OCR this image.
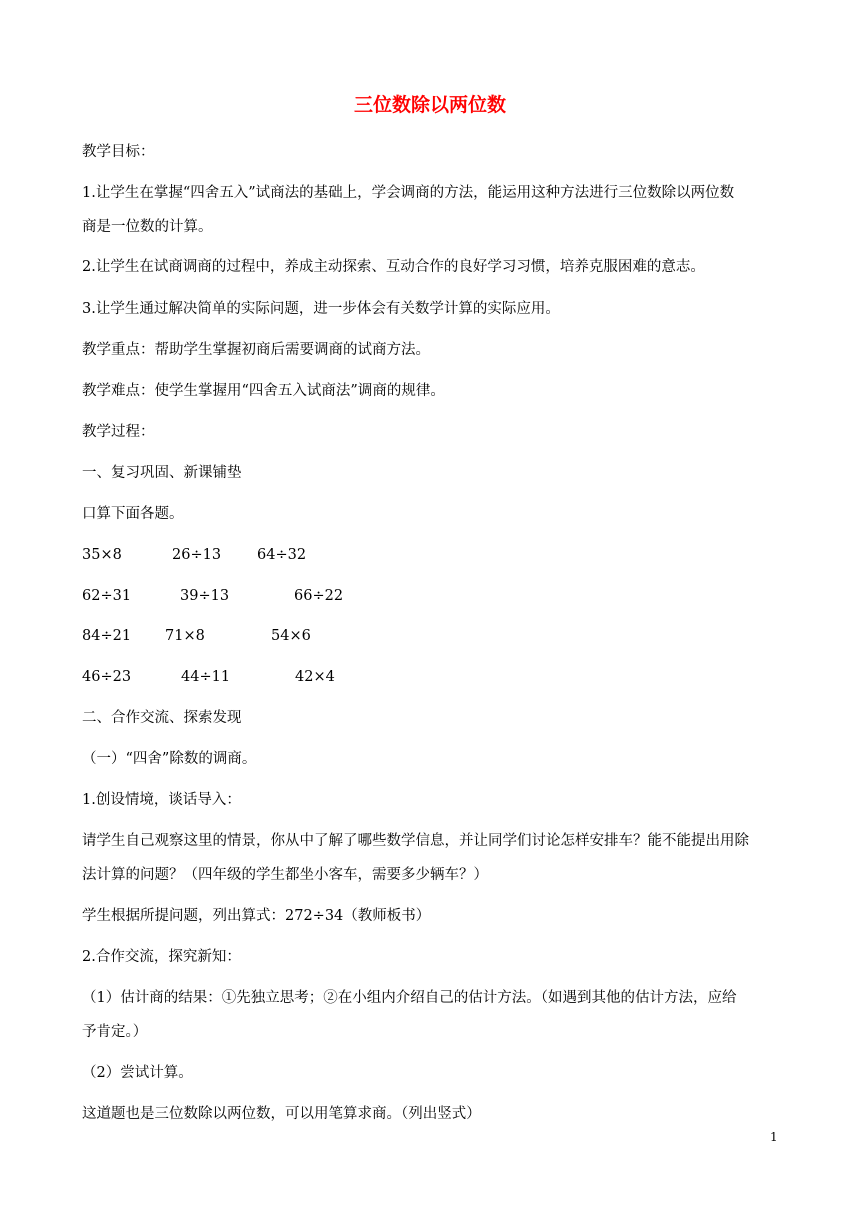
三位数除以两位数
教学目标：
1.让学生在掌握“四舍五入”试商法的基础上，学会调商的方法，能运用这种方法进行三位数除以两位数
商是一位数的计算。
2.让学生在试商调商的过程中，养成主动探索、互动合作的良好学习习惯，培养克服困难的意志。
3.让学生通过解决简单的实际问题，进一步体会有关数学计算的实际应用。
教学重点：帮助学生掌握初商后需要调商的试商方法。
教学难点：使学生掌握用“四舍五入试商法”调商的规律。
教学过程：
一、复习巩固、新课铺垫
口算下面各题。
35×8	26÷13 64÷32
62÷31	39÷13	66÷22
84÷21 71×8	54×6
46÷23	44÷11	42×4
二、合作交流、探索发现
（一）“四舍”除数的调商。
1.创设情境，谈话导入：
请学生自己观察这里的情景，你从中了解了哪些数学信息，并让同学们讨论怎样安排车？能不能提出用除
法计算的问题？（四年级的学生都坐小客车，需要多少辆车？）
学生根据所提问题，列出算式：272÷34（教师板书）
2.合作交流，探究新知：
（1）估计商的结果：①先独立思考；②在小组内介绍自己的估计方法。（如遇到其他的估计方法，应给
予肯定。）
（2）尝试计算。
这道题也是三位数除以两位数，可以用笔算求商。（列出竖式）
1
